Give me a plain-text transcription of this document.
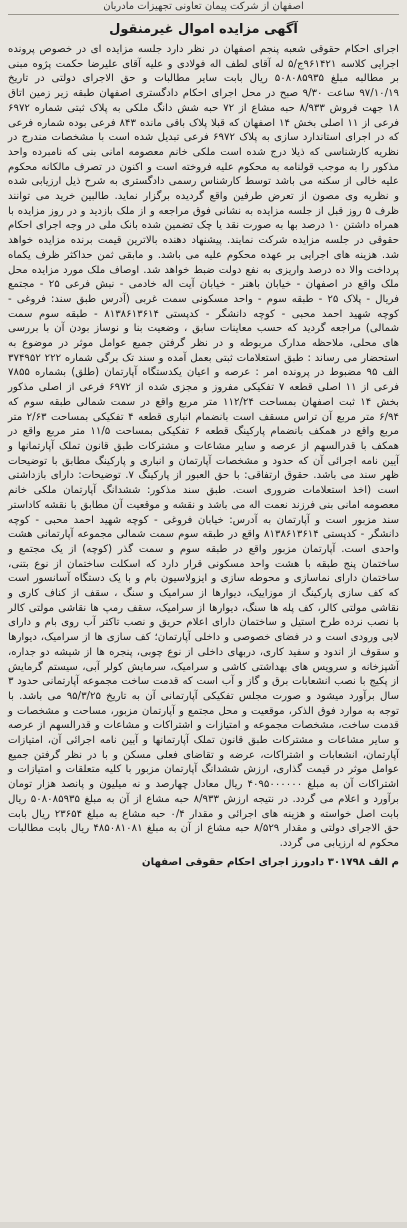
اصفهان از شرکت پیمان تعاونی تجهیزات مادربان
آگهی مزایده اموال غیرمنقول

اجرای احکام حقوقی شعبه پنجم اصفهان در نظر دارد جلسه مزایده ای در خصوص پرونده اجرایی کلاسه ۹۶۱۴۲۱ج/۵ له آقای لطف اله فولادی و علیه آقای علیرضا حکمت پژوه مبنی بر مطالبه مبلغ ۵۰۸۰۸۵۹۳۵ ریال بابت سایر مطالبات و حق الاجرای دولتی در تاریخ ۹۷/۱۰/۱۹ ساعت ۹/۳۰ صبح در محل اجرای احکام دادگستری اصفهان طبقه زیر زمین اتاق ۱۸ جهت فروش ۸/۹۳۳ حبه مشاع از ۷۲ حبه شش دانگ ملکی به پلاک ثبتی شماره ۶۹۷۲ فرعی از ۱۱ اصلی بخش ۱۴ اصفهان که قبلا پلاک باقی مانده ۸۴۳ فرعی بوده شماره فرعی که در اجرای استاندارد سازی به پلاک ۶۹۷۲ فرعی تبدیل شده است با مشخصات مندرج در نظریه کارشناسی که ذیلا درج شده است ملکی خانم معصومه امانی بنی که نامبرده واحد مذکور را به موجب قولنامه به محکوم علیه فروخته است و اکنون در تصرف مالکانه محکوم علیه خالی از سکنه می باشد توسط کارشناس رسمی دادگستری به شرح ذیل ارزیابی شده و نظریه وی مصون از تعرض طرفین واقع گردیده برگزار نماید. طالبین خرید می توانند ظرف ۵ روز قبل از جلسه مزایده به نشانی فوق مراجعه و از ملک بازدید و در روز مزایده با همراه داشتن ۱۰ درصد بها به صورت نقد یا چک تضمین شده بانک ملی در وجه اجرای احکام حقوقی در جلسه مزایده شرکت نمایند. پیشنهاد دهنده بالاترین قیمت برنده مزایده خواهد شد. هزینه های اجرایی بر عهده محکوم علیه می باشد. و مابقی ثمن حداکثر ظرف یکماه پرداخت والا ده درصد واریزی به نفع دولت ضبط خواهد شد. اوصاف ملک مورد مزایده محل ملک واقع در اصفهان - خیابان باهنر - خیابان آیت اله خادمی - نبش فرعی ۲۵ - مجتمع فریال - پلاک ۲۵ - طبقه سوم - واحد مسکونی سمت غربی (آدرس طبق سند: فروغی - کوچه شهید احمد محبی - کوچه دانشگر - کدپستی ۸۱۳۸۶۱۳۶۱۴ - طبقه سوم سمت شمالی) مراجعه گردید که حسب معاینات سابق ، وضعیت بنا و نوساز بودن آن با بررسی های محلی، ملاحظه مدارک مربوطه و در نظر گرفتن جمیع عوامل موثر در موضوع به استحضار می رساند : طبق استعلامات ثبتی بعمل آمده و سند تک برگی شماره ۲۲۲ ۳۷۴۹۵۲ الف ۹۵ مضبوط در پرونده امر : عرصه و اعیان یکدستگاه آپارتمان (طلق) بشماره ۷۸۵۵ فرعی از ۱۱ اصلی قطعه ۷ تفکیکی مفروز و مجزی شده از ۶۹۷۲ فرعی از اصلی مذکور بخش ۱۴ ثبت اصفهان بمساحت ۱۱۲/۲۴ متر مربع واقع در سمت شمالی طبقه سوم که ۶/۹۴ متر مربع آن تراس مسقف است بانضمام انباری قطعه ۴ تفکیکی بمساحت ۲/۶۳ متر مربع واقع در همکف بانضمام پارکینگ قطعه ۶ تفکیکی بمساحت ۱۱/۵ متر مربع واقع در همکف با قدرالسهم از عرصه و سایر مشاعات و مشترکات طبق قانون تملک آپارتمانها و آیین نامه اجرائی آن که حدود و مشخصات آپارتمان و انباری و پارکینگ مطابق با توضیحات ظهر سند می باشد. حقوق ارتفاقی: با حق العبور از پارکینگ ۷. توضیحات: دارای بازداشتی است (اخذ استعلامات ضروری است. طبق سند مذکور: ششدانگ آپارتمان ملکی خانم معصومه امانی بنی فرزند نعمت اله می باشد و نقشه و موقعیت آن مطابق با نقشه کاداستر سند مزبور است و آپارتمان به آدرس: خیابان فروغی - کوچه شهید احمد محبی - کوچه دانشگر - کدپستی ۸۱۳۸۶۱۳۶۱۴ واقع در طبقه سوم سمت شمالی مجموعه آپارتمانی هشت واحدی است. آپارتمان مزبور واقع در طبقه سوم و سمت گذر (کوچه) از یک مجتمع و ساختمان پنج طبقه با هشت واحد مسکونی قرار دارد که اسکلت ساختمان از نوع بتنی، ساختمان دارای نماسازی و محوطه سازی و ایزولاسیون بام و با یک دستگاه آسانسور است که کف سازی پارکینگ از موزاییک، دیوارها از سرامیک و سنگ ، سقف از کناف کاری و نقاشی مولتی کالر، کف پله ها سنگ، دیوارها از سرامیک، سقف رمپ ها نقاشی مولتی کالر با نصب نرده طرح استیل و ساختمان دارای اعلام حریق و نصب تاکتر آب روی بام و دارای لابی ورودی است و در فضای خصوصی و داخلی آپارتمان؛ کف سازی ها از سرامیک، دیوارها و سقوف از اندود و سفید کاری، دربهای داخلی از نوع چوبی، پنجره ها از شیشه دو جداره، آشپزخانه و سرویس های بهداشتی کاشی و سرامیک، سرمایش کولر آبی، سیستم گرمایش از پکیج با نصب انشعابات برق و گاز و آب است که قدمت ساخت مجموعه آپارتمانی حدود ۳ سال برآورد میشود و صورت مجلس تفکیکی آپارتمانی آن به تاریخ ۹۵/۳/۲۵ می باشد. با توجه به موارد فوق الذکر، موقعیت و محل مجتمع و آپارتمان مزبور، مساحت و مشخصات و قدمت ساخت، مشخصات مجموعه و امتیازات و اشتراکات و مشاعات و قدرالسهم از عرصه و سایر مشاعات و مشترکات طبق قانون تملک آپارتمانها و آیین نامه اجرائی آن، امتیازات آپارتمان، انشعابات و اشتراکات، عرضه و تقاضای فعلی مسکن و با در نظر گرفتن جمیع عوامل موثر در قیمت گذاری، ارزش ششدانگ آپارتمان مزبور با کلیه متعلقات و امتیازات و اشتراکات آن به مبلغ ۴۰۹۵۰۰۰۰۰۰ ریال معادل چهارصد و نه میلیون و پانصد هزار تومان برآورد و اعلام می گردد. در نتیجه ارزش ۸/۹۳۳ حبه مشاع از آن به مبلغ ۵۰۸۰۸۵۹۳۵ ریال بابت اصل خواسته و هزینه های اجرائی و مقدار ۰/۴ حبه مشاع به مبلغ ۲۳۶۵۴ ریال بابت حق الاجرای دولتی و مقدار ۸/۵۲۹ حبه مشاع از آن به مبلغ ۴۸۵۰۸۱۰۸۱ ریال بابت مطالبات محکوم له ارزیابی می گردد.

م الف ۳۰۱۷۹۸ دادورز اجرای احکام حقوقی اصفهان
